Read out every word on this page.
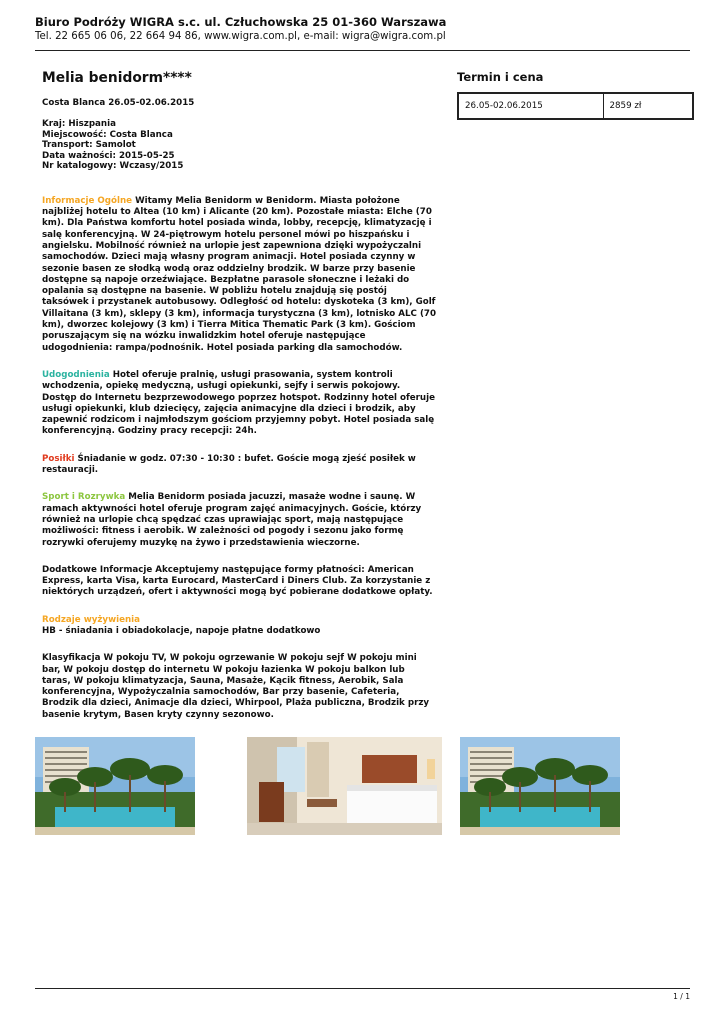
Biuro Podróży WIGRA s.c. ul. Człuchowska 25 01-360 Warszawa
Tel. 22 665 06 06, 22 664 94 86, www.wigra.com.pl, e-mail: wigra@wigra.com.pl
Melia benidorm****
Costa Blanca 26.05-02.06.2015

Kraj: Hiszpania

Miejscowość: Costa Blanca

Transport: Samolot

Data ważności: 2015-05-25

Nr katalogowy: Wczasy/2015

Informacje Ogólne Witamy Melia Benidorm w Benidorm. Miasta położone najbliżej hotelu to Altea (10 km) i Alicante (20 km). Pozostałe miasta: Elche (70 km). Dla Państwa komfortu hotel posiada winda, lobby, recepcję, klimatyzację i salę konferencyjną. W 24-piętrowym hotelu personel mówi po hiszpańsku i angielsku. Mobilność również na urlopie jest zapewniona dzięki wypożyczalni samochodów. Dzieci mają własny program animacji. Hotel posiada czynny w sezonie basen ze słodką wodą oraz oddzielny brodzik. W barze przy basenie dostępne są napoje orzeźwiające. Bezpłatne parasole słoneczne i leżaki do opalania są dostępne na basenie. W pobliżu hotelu znajdują się postój taksówek i przystanek autobusowy. Odległość od hotelu: dyskoteka (3 km), Golf Villaitana (3 km), sklepy (3 km), informacja turystyczna (3 km), lotnisko ALC (70 km), dworzec kolejowy (3 km) i Tierra Mitica Thematic Park (3 km). Gościom poruszającym się na wózku inwalidzkim hotel oferuje następujące udogodnienia: rampa/podnośnik. Hotel posiada parking dla samochodów.
Udogodnienia Hotel oferuje pralnię, usługi prasowania, system kontroli wchodzenia, opiekę medyczną, usługi opiekunki, sejfy i serwis pokojowy. Dostęp do Internetu bezprzewodowego poprzez hotspot. Rodzinny hotel oferuje usługi opiekunki, klub dziecięcy, zajęcia animacyjne dla dzieci i brodzik, aby zapewnić rodzicom i najmłodszym gościom przyjemny pobyt. Hotel posiada salę konferencyjną. Godziny pracy recepcji: 24h.
Posiłki Śniadanie w godz. 07:30 - 10:30 : bufet. Goście mogą zjeść posiłek w restauracji.
Sport i Rozrywka Melia Benidorm posiada jacuzzi, masaże wodne i saunę. W ramach aktywności hotel oferuje program zajęć animacyjnych. Goście, którzy również na urlopie chcą spędzać czas uprawiając sport, mają następujące możliwości: fitness i aerobik. W zależności od pogody i sezonu jako formę rozrywki oferujemy muzykę na żywo i przedstawienia wieczorne.
Dodatkowe Informacje Akceptujemy następujące formy płatności: American Express, karta Visa, karta Eurocard, MasterCard i Diners Club. Za korzystanie z niektórych urządzeń, ofert i aktywności mogą być pobierane dodatkowe opłaty.
Rodzaje wyżywienia
HB - śniadania i obiadokolacje, napoje płatne dodatkowo
Klasyfikacja W pokoju TV, W pokoju ogrzewanie W pokoju sejf W pokoju mini bar, W pokoju dostęp do internetu W pokoju łazienka W pokoju balkon lub taras, W pokoju klimatyzacja, Sauna, Masaże, Kącik fitness, Aerobik, Sala konferencyjna, Wypożyczalnia samochodów, Bar przy basenie, Cafeteria, Brodzik dla dzieci, Animacje dla dzieci, Whirpool, Plaża publiczna, Brodzik przy basenie krytym, Basen kryty czynny sezonowo.
Termin i cena
26.05-02.06.2015	2859 zł
1 / 1
